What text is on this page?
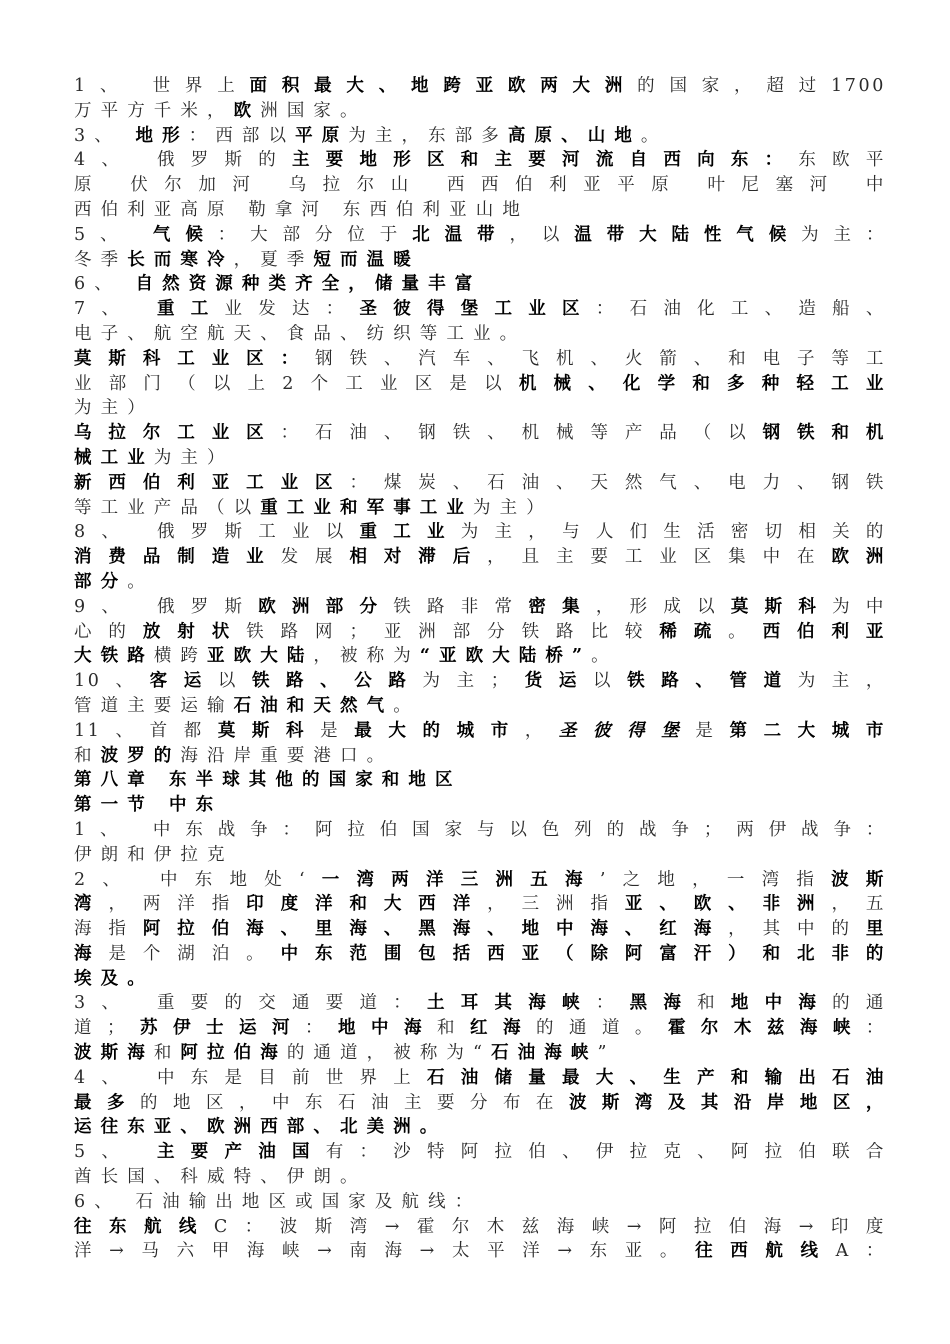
1、 世界上面积最大、地跨亚欧两大洲的国家，超过1700
万平方千米，欧洲国家。
3、 地形：西部以平原为主，东部多高原、山地。
4、 俄罗斯的主要地形区和主要河流自西向东：东欧平
原 伏尔加河 乌拉尔山 西西伯利亚平原 叶尼塞河 中
西伯利亚高原 勒拿河 东西伯利亚山地
5、 气候：大部分位于北温带，以温带大陆性气候为主：
冬季长而寒冷，夏季短而温暖
6、 自然资源种类齐全，储量丰富
7、 重工业发达：圣彼得堡工业区：石油化工、造船、
电子、航空航天、食品、纺织等工业。
莫斯科工业区：钢铁、汽车、飞机、火箭、和电子等工
业部门（以上2个工业区是以机械、化学和多种轻工业
为主）
乌拉尔工业区：石油、钢铁、机械等产品（以钢铁和机
械工业为主）
新西伯利亚工业区：煤炭、石油、天然气、电力、钢铁
等工业产品（以重工业和军事工业为主）
8、 俄罗斯工业以重工业为主，与人们生活密切相关的
消费品制造业发展相对滞后，且主要工业区集中在欧洲
部分。
9、 俄罗斯欧洲部分铁路非常密集，形成以莫斯科为中
心的放射状铁路网；亚洲部分铁路比较稀疏。西伯利亚
大铁路横跨亚欧大陆，被称为“亚欧大陆桥”。
10、客运以铁路、公路为主；货运以铁路、管道为主，
管道主要运输石油和天然气。
11、首都莫斯科是最大的城市，圣彼得堡是第二大城市
和波罗的海沿岸重要港口。
第八章 东半球其他的国家和地区
第一节 中东
1、 中东战争：阿拉伯国家与以色列的战争；两伊战争：
伊朗和伊拉克
2、 中东地处‘一湾两洋三洲五海’之地，一湾指波斯
湾，两洋指印度洋和大西洋，三洲指亚、欧、非洲，五
海指阿拉伯海、里海、黑海、地中海、红海，其中的里
海是个湖泊。中东范围包括西亚（除阿富汗）和北非的
埃及。
3、 重要的交通要道：土耳其海峡：黑海和地中海的通
道；苏伊士运河：地中海和红海的通道。霍尔木兹海峡：
波斯海和阿拉伯海的通道，被称为“石油海峡”
4、 中东是目前世界上石油储量最大、生产和输出石油
最多的地区，中东石油主要分布在波斯湾及其沿岸地区，
运往东亚、欧洲西部、北美洲。
5、 主要产油国有：沙特阿拉伯、伊拉克、阿拉伯联合
酋长国、科威特、伊朗。
6、 石油输出地区或国家及航线：
往东航线C：波斯湾→霍尔木兹海峡→阿拉伯海→印度
洋→马六甲海峡→南海→太平洋→东亚。往西航线A：
